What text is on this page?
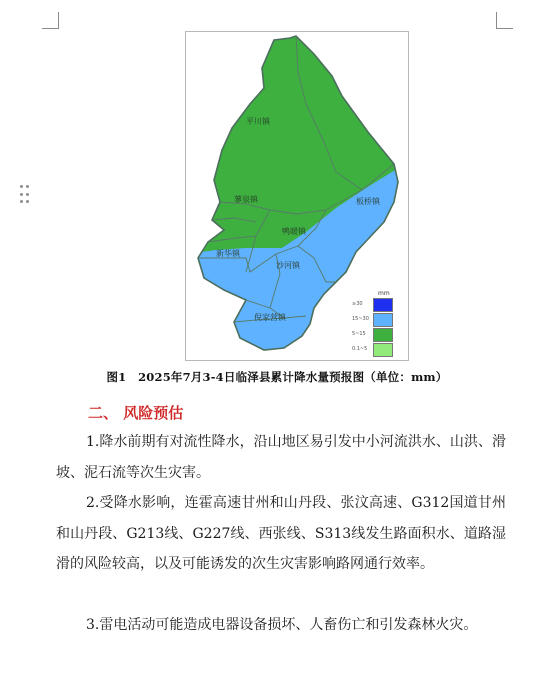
平川镇
蓼泉镇	板桥镇
鸭暖镇
新华镇
沙河镇
倪家营镇
mm
≥30
15~30
5~15
0.1~5
图1　2025年7月3-4日临泽县累计降水量预报图（单位：mm）
二、 风险预估
1.降水前期有对流性降水，沿山地区易引发中小河流洪水、山洪、滑坡、泥石流等次生灾害。
2.受降水影响，连霍高速甘州和山丹段、张汶高速、G312国道甘州和山丹段、G213线、G227线、西张线、S313线发生路面积水、道路湿滑的风险较高，以及可能诱发的次生灾害影响路网通行效率。
3.雷电活动可能造成电器设备损坏、人畜伤亡和引发森林火灾。
